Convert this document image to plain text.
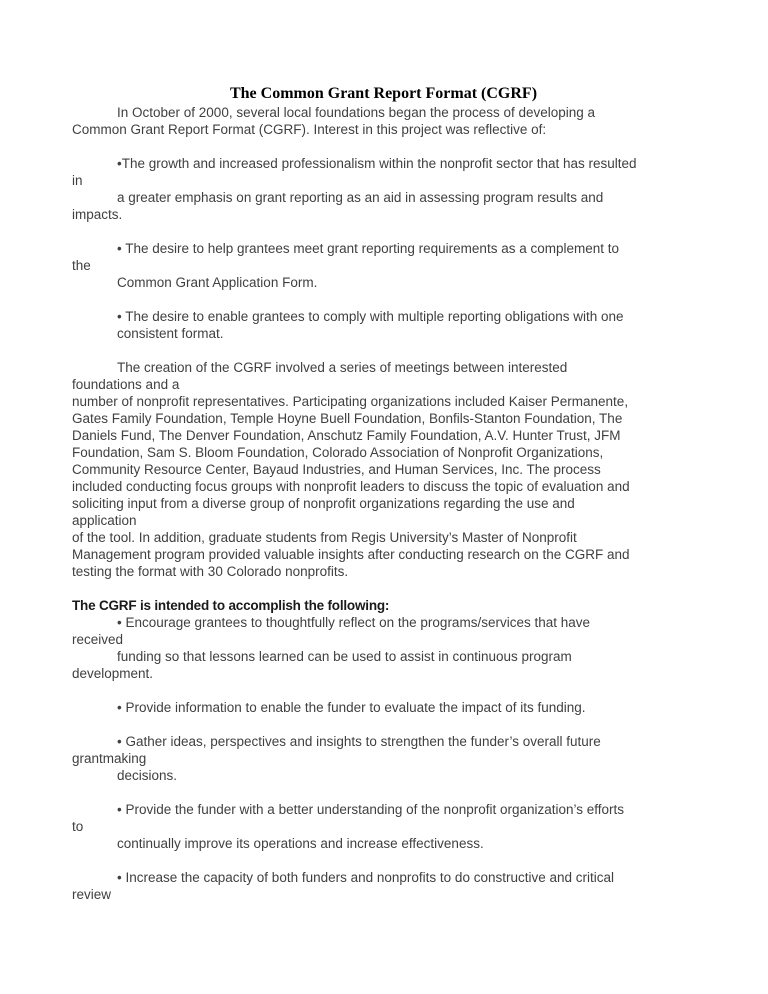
The Common Grant Report Format (CGRF)
In October of 2000, several local foundations began the process of developing a
Common Grant Report Format (CGRF). Interest in this project was reflective of:

•The growth and increased professionalism within the nonprofit sector that has resulted
in
a greater emphasis on grant reporting as an aid in assessing program results and
impacts.

• The desire to help grantees meet grant reporting requirements as a complement to
the
Common Grant Application Form.

• The desire to enable grantees to comply with multiple reporting obligations with one
consistent format.

The creation of the CGRF involved a series of meetings between interested
foundations and a
number of nonprofit representatives. Participating organizations included Kaiser Permanente,
Gates Family Foundation, Temple Hoyne Buell Foundation, Bonfils-Stanton Foundation, The
Daniels Fund, The Denver Foundation, Anschutz Family Foundation, A.V. Hunter Trust, JFM
Foundation, Sam S. Bloom Foundation, Colorado Association of Nonprofit Organizations,
Community Resource Center, Bayaud Industries, and Human Services, Inc. The process
included conducting focus groups with nonprofit leaders to discuss the topic of evaluation and
soliciting input from a diverse group of nonprofit organizations regarding the use and
application
of the tool. In addition, graduate students from Regis University’s Master of Nonprofit
Management program provided valuable insights after conducting research on the CGRF and
testing the format with 30 Colorado nonprofits.

The CGRF is intended to accomplish the following:
• Encourage grantees to thoughtfully reflect on the programs/services that have
received
funding so that lessons learned can be used to assist in continuous program
development.

• Provide information to enable the funder to evaluate the impact of its funding.

• Gather ideas, perspectives and insights to strengthen the funder’s overall future
grantmaking
decisions.

• Provide the funder with a better understanding of the nonprofit organization’s efforts
to
continually improve its operations and increase effectiveness.

• Increase the capacity of both funders and nonprofits to do constructive and critical
review
